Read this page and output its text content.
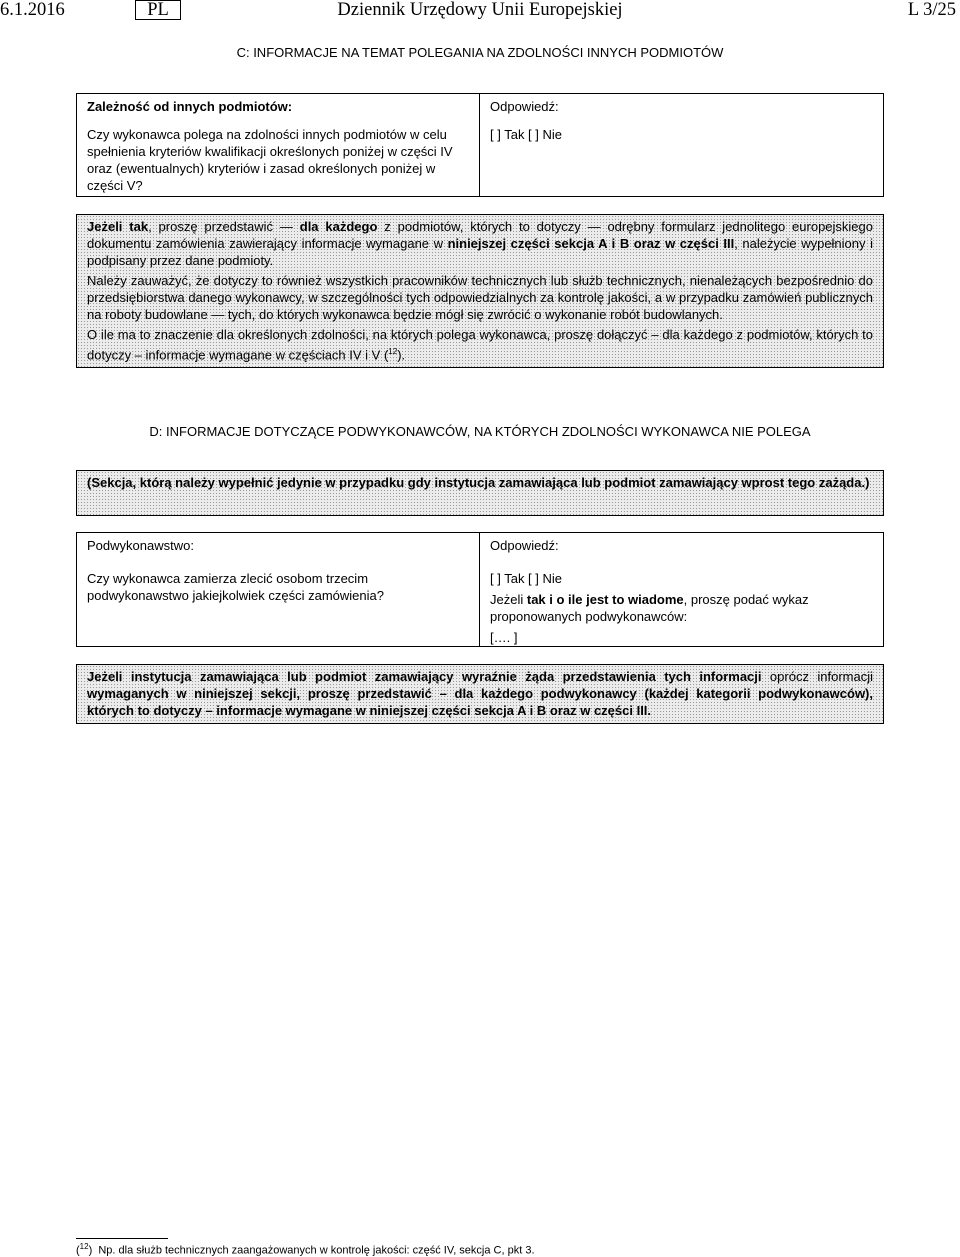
6.1.2016	PL	Dziennik Urzędowy Unii Europejskiej	L 3/25
C: INFORMACJE NA TEMAT POLEGANIA NA ZDOLNOŚCI INNYCH PODMIOTÓW
Zależność od innych podmiotów:
Czy wykonawca polega na zdolności innych podmiotów w celu spełnienia kryteriów kwalifikacji określonych poniżej w części IV oraz (ewentualnych) kryteriów i zasad określonych poniżej w części V?
Odpowiedź:
[ ] Tak [ ] Nie

Jeżeli tak, proszę przedstawić — dla każdego z podmiotów, których to dotyczy — odrębny formularz jednolitego europejskiego dokumentu zamówienia zawierający informacje wymagane w niniejszej części sekcja A i B oraz w części III, należycie wypełniony i podpisany przez dane podmioty.

Należy zauważyć, że dotyczy to również wszystkich pracowników technicznych lub służb technicznych, nienależących bezpośrednio do przedsiębiorstwa danego wykonawcy, w szczególności tych odpowiedzialnych za kontrolę jakości, a w przypadku zamówień publicznych na roboty budowlane — tych, do których wykonawca będzie mógł się zwrócić o wykonanie robót budowlanych.

O ile ma to znaczenie dla określonych zdolności, na których polega wykonawca, proszę dołączyć – dla każdego z podmiotów, których to dotyczy – informacje wymagane w częściach IV i V ($^{12}$).

D: INFORMACJE DOTYCZĄCE PODWYKONAWCÓW, NA KTÓRYCH ZDOLNOŚCI WYKONAWCA NIE POLEGA

(Sekcja, którą należy wypełnić jedynie w przypadku gdy instytucja zamawiająca lub podmiot zamawiający wprost tego zażąda.)

Podwykonawstwo:
Czy wykonawca zamierza zlecić osobom trzecim podwykonawstwo jakiejkolwiek części zamówienia?
Odpowiedź:
[ ] Tak [ ] Nie
Jeżeli tak i o ile jest to wiadome, proszę podać wykaz proponowanych podwykonawców:
[…. ]

Jeżeli instytucja zamawiająca lub podmiot zamawiający wyraźnie żąda przedstawienia tych informacji oprócz informacji wymaganych w niniejszej sekcji, proszę przedstawić – dla każdego podwykonawcy (każdej kategorii podwykonawców), których to dotyczy – informacje wymagane w niniejszej części sekcja A i B oraz w części III.

($^{12}$)  Np. dla służb technicznych zaangażowanych w kontrolę jakości: część IV, sekcja C, pkt 3.
